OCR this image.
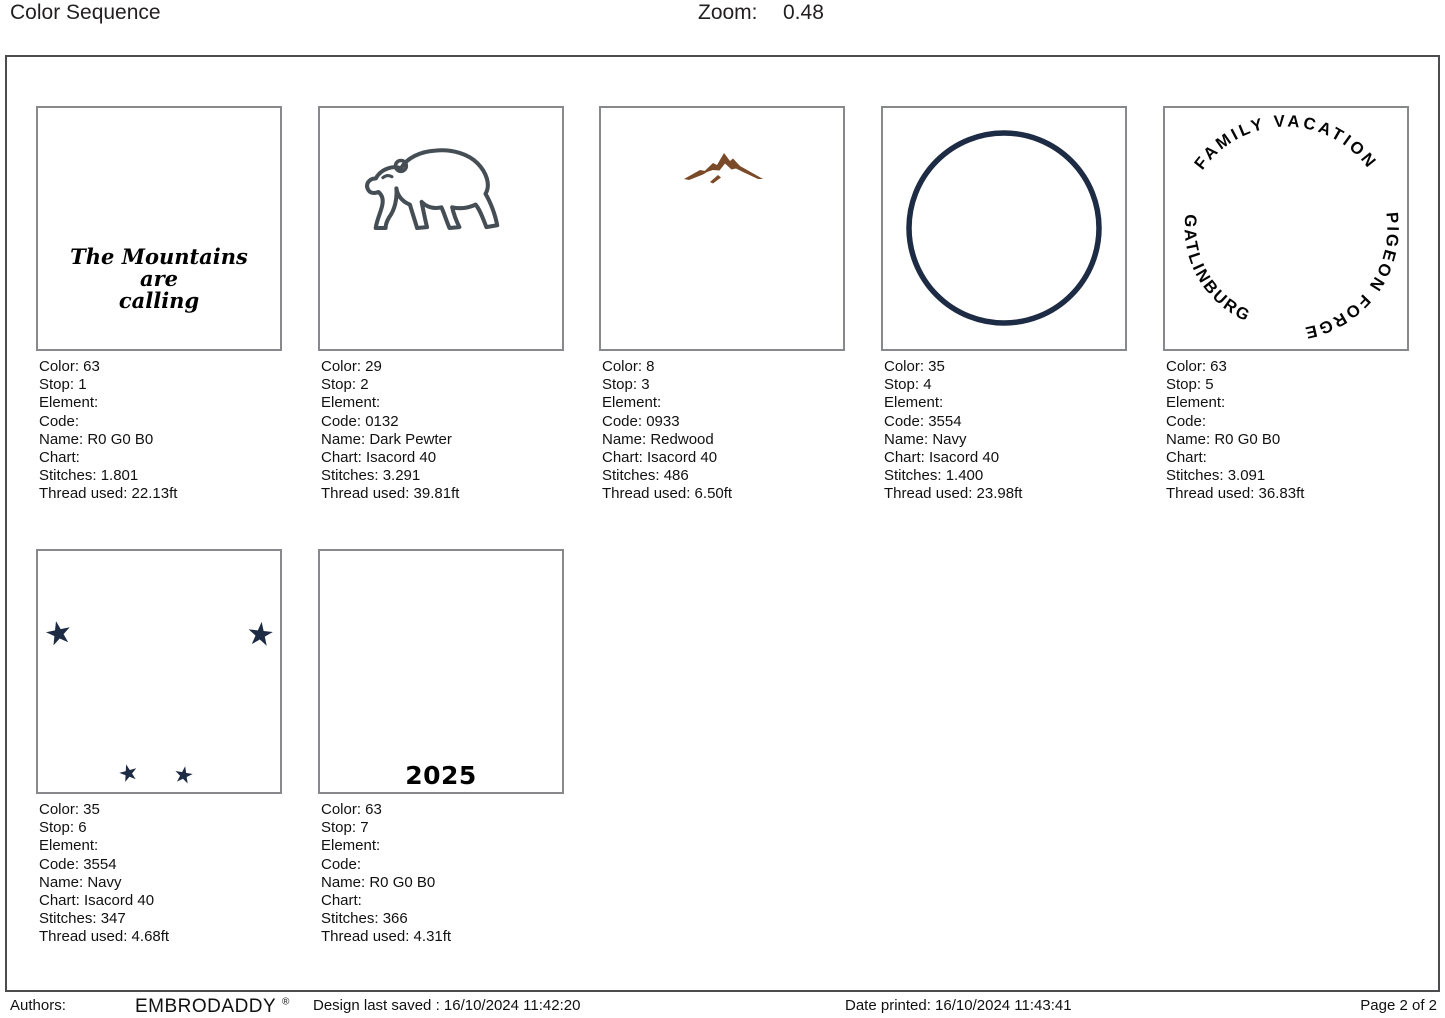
Color Sequence	Zoom: 0.48
The Mountains
are
calling
Color: 63
Stop: 1
Element:
Code:
Name: R0 G0 B0
Chart:
Stitches: 1.801
Thread used: 22.13ft
Color: 29
Stop: 2
Element:
Code: 0132
Name: Dark Pewter
Chart: Isacord 40
Stitches: 3.291
Thread used: 39.81ft
Color: 8
Stop: 3
Element:
Code: 0933
Name: Redwood
Chart: Isacord 40
Stitches: 486
Thread used: 6.50ft
Color: 35
Stop: 4
Element:
Code: 3554
Name: Navy
Chart: Isacord 40
Stitches: 1.400
Thread used: 23.98ft
FAMILY VACATION
GATLINBURG
PIGEON FORGE
Color: 63
Stop: 5
Element:
Code:
Name: R0 G0 B0
Chart:
Stitches: 3.091
Thread used: 36.83ft
Color: 35
Stop: 6
Element:
Code: 3554
Name: Navy
Chart: Isacord 40
Stitches: 347
Thread used: 4.68ft
2025
Color: 63
Stop: 7
Element:
Code:
Name: R0 G0 B0
Chart:
Stitches: 366
Thread used: 4.31ft
Authors:	EMBRODADDY ® Design last saved : 16/10/2024 11:42:20	Date printed: 16/10/2024 11:43:41	Page 2 of 2
